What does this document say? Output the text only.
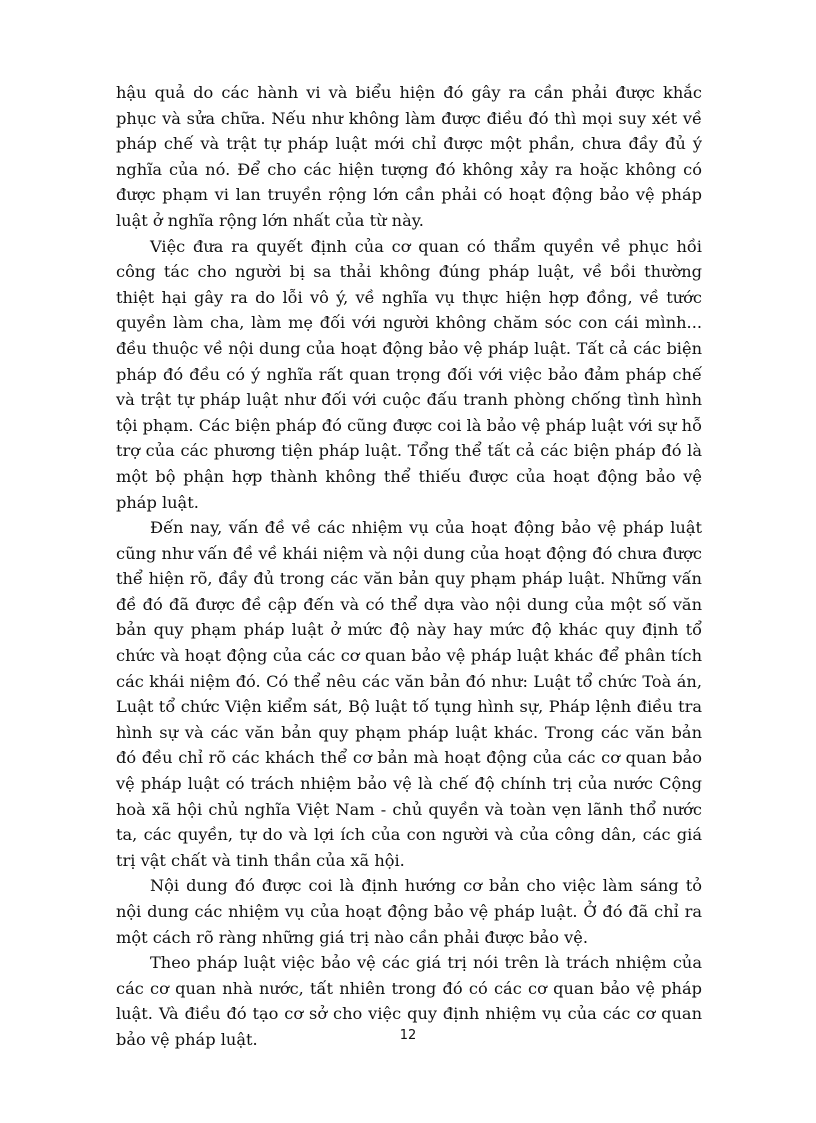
hậu quả do các hành vi và biểu hiện đó gây ra cần phải được khắc phục và sửa chữa. Nếu như không làm được điều đó thì mọi suy xét về pháp chế và trật tự pháp luật mới chỉ được một phần, chưa đầy đủ ý nghĩa của nó. Để cho các hiện tượng đó không xảy ra hoặc không có được phạm vi lan truyền rộng lớn cần phải có hoạt động bảo vệ pháp luật ở nghĩa rộng lớn nhất của từ này.

Việc đưa ra quyết định của cơ quan có thẩm quyền về phục hồi công tác cho người bị sa thải không đúng pháp luật, về bồi thường thiệt hại gây ra do lỗi vô ý, về nghĩa vụ thực hiện hợp đồng, về tước quyền làm cha, làm mẹ đối với người không chăm sóc con cái mình... đều thuộc về nội dung của hoạt động bảo vệ pháp luật. Tất cả các biện pháp đó đều có ý nghĩa rất quan trọng đối với việc bảo đảm pháp chế và trật tự pháp luật như đối với cuộc đấu tranh phòng chống tình hình tội phạm. Các biện pháp đó cũng được coi là bảo vệ pháp luật với sự hỗ trợ của các phương tiện pháp luật. Tổng thể tất cả các biện pháp đó là một bộ phận hợp thành không thể thiếu được của hoạt động bảo vệ pháp luật.

Đến nay, vấn đề về các nhiệm vụ của hoạt động bảo vệ pháp luật cũng như vấn đề về khái niệm và nội dung của hoạt động đó chưa được thể hiện rõ, đầy đủ trong các văn bản quy phạm pháp luật. Những vấn đề đó đã được đề cập đến và có thể dựa vào nội dung của một số văn bản quy phạm pháp luật ở mức độ này hay mức độ khác quy định tổ chức và hoạt động của các cơ quan bảo vệ pháp luật khác để phân tích các khái niệm đó. Có thể nêu các văn bản đó như: Luật tổ chức Toà án, Luật tổ chức Viện kiểm sát, Bộ luật tố tụng hình sự, Pháp lệnh điều tra hình sự và các văn bản quy phạm pháp luật khác. Trong các văn bản đó đều chỉ rõ các khách thể cơ bản mà hoạt động của các cơ quan bảo vệ pháp luật có trách nhiệm bảo vệ là chế độ chính trị của nước Cộng hoà xã hội chủ nghĩa Việt Nam - chủ quyền và toàn vẹn lãnh thổ nước ta, các quyền, tự do và lợi ích của con người và của công dân, các giá trị vật chất và tinh thần của xã hội.

Nội dung đó được coi là định hướng cơ bản cho việc làm sáng tỏ nội dung các nhiệm vụ của hoạt động bảo vệ pháp luật. Ở đó đã chỉ ra một cách rõ ràng những giá trị nào cần phải được bảo vệ.

Theo pháp luật việc bảo vệ các giá trị nói trên là trách nhiệm của các cơ quan nhà nước, tất nhiên trong đó có các cơ quan bảo vệ pháp luật. Và điều đó tạo cơ sở cho việc quy định nhiệm vụ của các cơ quan bảo vệ pháp luật.	12
